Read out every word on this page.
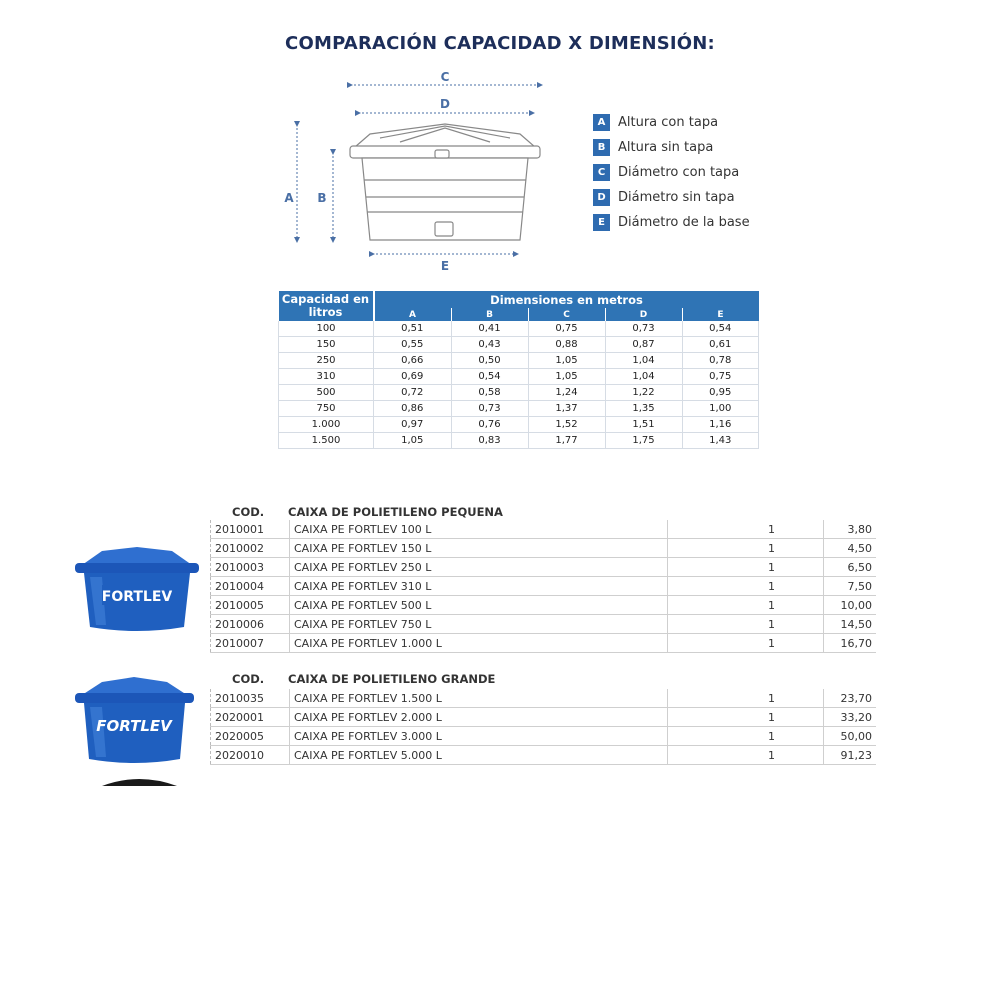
COMPARACIÓN CAPACIDAD X DIMENSIÓN:
C
D
A B
E
A Altura con tapa
B Altura sin tapa
C Diámetro con tapa
D Diámetro sin tapa
E	Diámetro de la base
Capacidad en litros	Dimensiones en metros				
	A	B	C	D	E
100	0,51	0,41	0,75	0,73	0,54
150	0,55	0,43	0,88	0,87	0,61
250	0,66	0,50	1,05	1,04	0,78
310	0,69	0,54	1,05	1,04	0,75
500	0,72	0,58	1,24	1,22	0,95
750	0,86	0,73	1,37	1,35	1,00
1.000	0,97	0,76	1,52	1,51	1,16
1.500	1,05	0,83	1,77	1,75	1,43
COD. CAIXA DE POLIETILENO PEQUENA
2010001	CAIXA PE FORTLEV 100 L	1	3,80
2010002	CAIXA PE FORTLEV 150 L	1	4,50
2010003	CAIXA PE FORTLEV 250 L	1	6,50
2010004	CAIXA PE FORTLEV 310 L	1	7,50
2010005	CAIXA PE FORTLEV 500 L	1	10,00
2010006	CAIXA PE FORTLEV 750 L	1	14,50
2010007	CAIXA PE FORTLEV 1.000 L	1	16,70
FORTLEV
COD. CAIXA DE POLIETILENO GRANDE
2010035	CAIXA PE FORTLEV 1.500 L	1	23,70
2020001	CAIXA PE FORTLEV 2.000 L	1	33,20
2020005	CAIXA PE FORTLEV 3.000 L	1	50,00
2020010	CAIXA PE FORTLEV 5.000 L	1	91,23
FORTLEV
